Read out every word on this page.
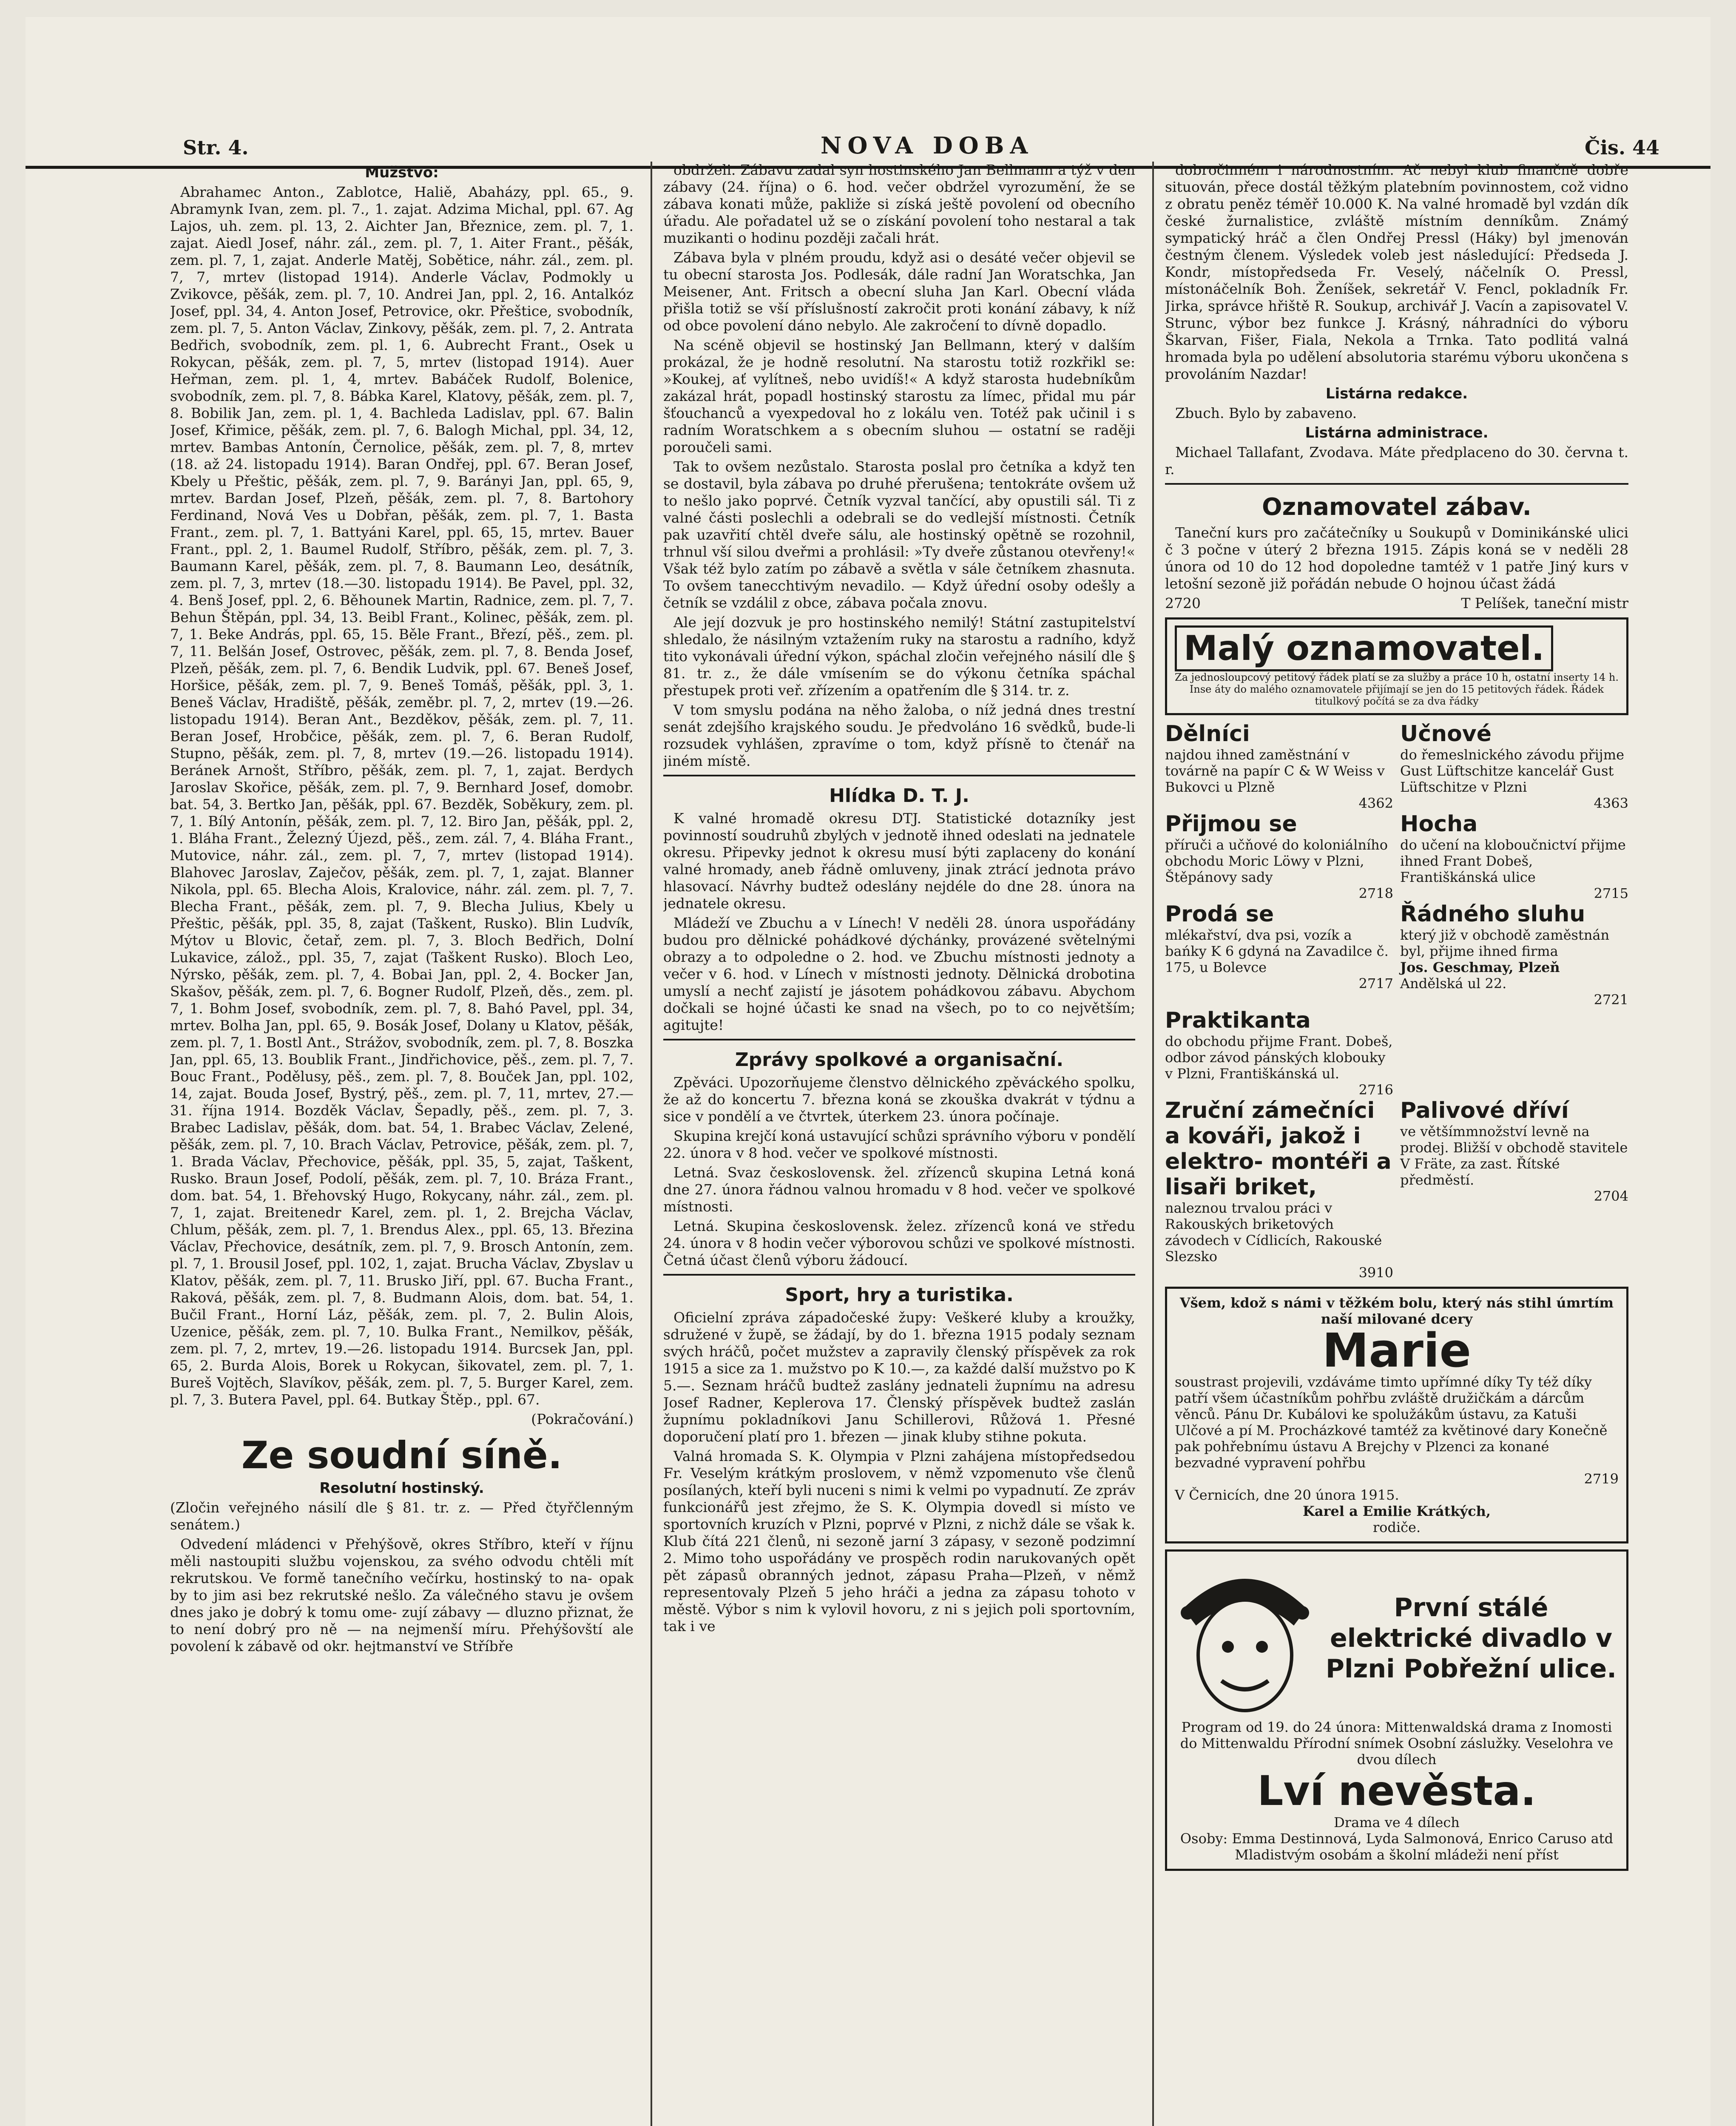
Str. 4.	NOVA DOBA	Čis. 44
Mužstvo:

Abrahamec Anton., Zablotce, Haliě, Abaházy, ppl. 65., 9. Abramynk Ivan, zem. pl. 7., 1. zajat. Adzima Michal, ppl. 67. Ag Lajos, uh. zem. pl. 13, 2. Aichter Jan, Březnice, zem. pl. 7, 1. zajat. Aiedl Josef, náhr. zál., zem. pl. 7, 1. Aiter Frant., pěšák, zem. pl. 7, 1, zajat. Anderle Matěj, Sobětice, náhr. zál., zem. pl. 7, 7, mrtev (listopad 1914). Anderle Václav, Podmokly u Zvikovce, pěšák, zem. pl. 7, 10. Andrei Jan, ppl. 2, 16. Antalkóz Josef, ppl. 34, 4. Anton Josef, Petrovice, okr. Přeštice, svobodník, zem. pl. 7, 5. Anton Václav, Zinkovy, pěšák, zem. pl. 7, 2. Antrata Bedřich, svobodník, zem. pl. 1, 6. Aubrecht Frant., Osek u Rokycan, pěšák, zem. pl. 7, 5, mrtev (listopad 1914). Auer Heřman, zem. pl. 1, 4, mrtev. Babáček Rudolf, Bolenice, svobodník, zem. pl. 7, 8. Bábka Karel, Klatovy, pěšák, zem. pl. 7, 8. Bobilik Jan, zem. pl. 1, 4. Bachleda Ladislav, ppl. 67. Balin Josef, Křimice, pěšák, zem. pl. 7, 6. Balogh Michal, ppl. 34, 12, mrtev. Bambas Antonín, Černolice, pěšák, zem. pl. 7, 8, mrtev (18. až 24. listopadu 1914). Baran Ondřej, ppl. 67. Beran Josef, Kbely u Přeštic, pěšák, zem. pl. 7, 9. Barányi Jan, ppl. 65, 9, mrtev. Bardan Josef, Plzeň, pěšák, zem. pl. 7, 8. Bartohory Ferdinand, Nová Ves u Dobřan, pěšák, zem. pl. 7, 1. Basta Frant., zem. pl. 7, 1. Battyáni Karel, ppl. 65, 15, mrtev. Bauer Frant., ppl. 2, 1. Baumel Rudolf, Stříbro, pěšák, zem. pl. 7, 3. Baumann Karel, pěšák, zem. pl. 7, 8. Baumann Leo, desátník, zem. pl. 7, 3, mrtev (18.—30. listopadu 1914). Be Pavel, ppl. 32, 4. Benš Josef, ppl. 2, 6. Běhounek Martin, Radnice, zem. pl. 7, 7. Behun Štěpán, ppl. 34, 13. Beibl Frant., Kolinec, pěšák, zem. pl. 7, 1. Beke András, ppl. 65, 15. Běle Frant., Březí, pěš., zem. pl. 7, 11. Belšán Josef, Ostrovec, pěšák, zem. pl. 7, 8. Benda Josef, Plzeň, pěšák, zem. pl. 7, 6. Bendik Ludvik, ppl. 67. Beneš Josef, Horšice, pěšák, zem. pl. 7, 9. Beneš Tomáš, pěšák, ppl. 3, 1. Beneš Václav, Hradiště, pěšák, zeměbr. pl. 7, 2, mrtev (19.—26. listopadu 1914). Beran Ant., Bezděkov, pěšák, zem. pl. 7, 11. Beran Josef, Hrobčice, pěšák, zem. pl. 7, 6. Beran Rudolf, Stupno, pěšák, zem. pl. 7, 8, mrtev (19.—26. listopadu 1914). Beránek Arnošt, Stříbro, pěšák, zem. pl. 7, 1, zajat. Berdych Jaroslav Skořice, pěšák, zem. pl. 7, 9. Bernhard Josef, domobr. bat. 54, 3. Bertko Jan, pěšák, ppl. 67. Bezděk, Soběkury, zem. pl. 7, 1. Bílý Antonín, pěšák, zem. pl. 7, 12. Biro Jan, pěšák, ppl. 2, 1. Bláha Frant., Železný Újezd, pěš., zem. zál. 7, 4. Bláha Frant., Mutovice, náhr. zál., zem. pl. 7, 7, mrtev (listopad 1914). Blahovec Jaroslav, Zaječov, pěšák, zem. pl. 7, 1, zajat. Blanner Nikola, ppl. 65. Blecha Alois, Kralovice, náhr. zál. zem. pl. 7, 7. Blecha Frant., pěšák, zem. pl. 7, 9. Blecha Julius, Kbely u Přeštic, pěšák, ppl. 35, 8, zajat (Taškent, Rusko). Blin Ludvík, Mýtov u Blovic, četař, zem. pl. 7, 3. Bloch Bedřich, Dolní Lukavice, zálož., ppl. 35, 7, zajat (Taškent Rusko). Bloch Leo, Nýrsko, pěšák, zem. pl. 7, 4. Bobai Jan, ppl. 2, 4. Bocker Jan, Skašov, pěšák, zem. pl. 7, 6. Bogner Rudolf, Plzeň, děs., zem. pl. 7, 1. Bohm Josef, svobodník, zem. pl. 7, 8. Bahó Pavel, ppl. 34, mrtev. Bolha Jan, ppl. 65, 9. Bosák Josef, Dolany u Klatov, pěšák, zem. pl. 7, 1. Bostl Ant., Strážov, svobodník, zem. pl. 7, 8. Boszka Jan, ppl. 65, 13. Boublik Frant., Jindřichovice, pěš., zem. pl. 7, 7. Bouc Frant., Podělusy, pěš., zem. pl. 7, 8. Bouček Jan, ppl. 102, 14, zajat. Bouda Josef, Bystrý, pěš., zem. pl. 7, 11, mrtev, 27.—31. října 1914. Bozděk Václav, Šepadly, pěš., zem. pl. 7, 3. Brabec Ladislav, pěšák, dom. bat. 54, 1. Brabec Václav, Zelené, pěšák, zem. pl. 7, 10. Brach Václav, Petrovice, pěšák, zem. pl. 7, 1. Brada Václav, Přechovice, pěšák, ppl. 35, 5, zajat, Taškent, Rusko. Braun Josef, Podolí, pěšák, zem. pl. 7, 10. Bráza Frant., dom. bat. 54, 1. Břehovský Hugo, Rokycany, náhr. zál., zem. pl. 7, 1, zajat. Breitenedr Karel, zem. pl. 1, 2. Brejcha Václav, Chlum, pěšák, zem. pl. 7, 1. Brendus Alex., ppl. 65, 13. Březina Václav, Přechovice, desátník, zem. pl. 7, 9. Brosch Antonín, zem. pl. 7, 1. Brousil Josef, ppl. 102, 1, zajat. Brucha Václav, Zbyslav u Klatov, pěšák, zem. pl. 7, 11. Brusko Jiří, ppl. 67. Bucha Frant., Raková, pěšák, zem. pl. 7, 8. Budmann Alois, dom. bat. 54, 1. Bučil Frant., Horní Láz, pěšák, zem. pl. 7, 2. Bulin Alois, Uzenice, pěšák, zem. pl. 7, 10. Bulka Frant., Nemilkov, pěšák, zem. pl. 7, 2, mrtev, 19.—26. listopadu 1914. Burcsek Jan, ppl. 65, 2. Burda Alois, Borek u Rokycan, šikovatel, zem. pl. 7, 1. Bureš Vojtěch, Slavíkov, pěšák, zem. pl. 7, 5. Burger Karel, zem. pl. 7, 3. Butera Pavel, ppl. 64. Butkay Štěp., ppl. 67.

(Pokračování.)
Ze soudní síně.
Resolutní hostinský.

(Zločin veřejného násilí dle § 81. tr. z. — Před čtyřčlenným senátem.)

Odvedení mládenci v Přehýšově, okres Stříbro, kteří v říjnu měli nastoupiti službu vojenskou, za svého odvodu chtěli mít rekrutskou. Ve formě tanečního večírku, hostinský to na- opak by to jim asi bez rekrutské nešlo. Za válečného stavu je ovšem dnes jako je dobrý k tomu ome- zují zábavy — dluzno přiznat, že to není dobrý pro ně — na nejmenší míru. Přehýšovští ale povolení k zábavě od okr. hejtmanství ve Stříbře

obdrželi. Zábavu zadal syn hostinského Jan Bellmann a týž v den zábavy (24. října) o 6. hod. večer obdržel vyrozumění, že se zábava konati může, pakliže si získá ještě povolení od obecního úřadu. Ale pořadatel už se o získání povolení toho nestaral a tak muzikanti o hodinu později začali hrát.

Zábava byla v plném proudu, když asi o desáté večer objevil se tu obecní starosta Jos. Podlesák, dále radní Jan Woratschka, Jan Meisener, Ant. Fritsch a obecní sluha Jan Karl. Obecní vláda přišla totiž se vší příslušností zakročit proti konání zábavy, k níž od obce povolení dáno nebylo. Ale zakročení to dívně dopadlo.

Na scéně objevil se hostinský Jan Bellmann, který v dalším prokázal, že je hodně resolutní. Na starostu totiž rozkřikl se: »Koukej, ať vylítneš, nebo uvidíš!« A když starosta hudebníkům zakázal hrát, popadl hostinský starostu za límec, přidal mu pár šťouchanců a vyexpedoval ho z lokálu ven. Totéž pak učinil i s radním Woratschkem a s obecním sluhou — ostatní se raději poroučeli sami.

Tak to ovšem nezůstalo. Starosta poslal pro četníka a když ten se dostavil, byla zábava po druhé přerušena; tentokráte ovšem už to nešlo jako poprvé. Četník vyzval tančící, aby opustili sál. Ti z valné části poslechli a odebrali se do vedlejší místnosti. Četník pak uzavřití chtěl dveře sálu, ale hostinský opětně se rozohnil, trhnul vší silou dveřmi a prohlásil: »Ty dveře zůstanou otevřeny!« Však též bylo zatím po zábavě a světla v sále četníkem zhasnuta. To ovšem tanecchtivým nevadilo. — Když úřední osoby odešly a četník se vzdálil z obce, zábava počala znovu.

Ale její dozvuk je pro hostinského nemilý! Státní zastupitelství shledalo, že násilným vztažením ruky na starostu a radního, když tito vykonávali úřední výkon, spáchal zločin veřejného násilí dle § 81. tr. z., že dále vmísením se do výkonu četníka spáchal přestupek proti veř. zřízením a opatřením dle § 314. tr. z.

V tom smyslu podána na něho žaloba, o níž jedná dnes trestní senát zdejšího krajského soudu. Je předvoláno 16 svědků, bude-li rozsudek vyhlášen, zpravíme o tom, když přísně to čtenář na jiném místě.

Hlídka D. T. J.

K valné hromadě okresu DTJ. Statistické dotazníky jest povinností soudruhů zbylých v jednotě ihned odeslati na jednatele okresu. Připevky jednot k okresu musí býti zaplaceny do konání valné hromady, aneb řádně omluveny, jinak ztrácí jednota právo hlasovací. Návrhy budtež odeslány nejdéle do dne 28. února na jednatele okresu.

Mládeží ve Zbuchu a v Línech! V neděli 28. února uspořádány budou pro dělnické pohádkové dýchánky, provázené světelnými obrazy a to odpoledne o 2. hod. ve Zbuchu místnosti jednoty a večer v 6. hod. v Línech v místnosti jednoty. Dělnická drobotina umyslí a nechť zajistí je jásotem pohádkovou zábavu. Abychom dočkali se hojné účasti ke snad na všech, po to co největším; agitujte!

Zprávy spolkové a organisační.

Zpěváci. Upozorňujeme členstvo dělnického zpěváckého spolku, že až do koncertu 7. března koná se zkouška dvakrát v týdnu a sice v pondělí a ve čtvrtek, úterkem 23. února počínaje.

Skupina krejčí koná ustavující schůzi správního výboru v pondělí 22. února v 8 hod. večer ve spolkové místnosti.

Letná. Svaz československ. žel. zřízenců skupina Letná koná dne 27. února řádnou valnou hromadu v 8 hod. večer ve spolkové místnosti.

Letná. Skupina československ. želez. zřízenců koná ve středu 24. února v 8 hodin večer výborovou schůzi ve spolkové místnosti. Četná účast členů výboru žádoucí.

Sport, hry a turistika.

Oficielní zpráva západočeské župy: Veškeré kluby a kroužky, sdružené v župě, se žádají, by do 1. března 1915 podaly seznam svých hráčů, počet mužstev a zapravily členský příspěvek za rok 1915 a sice za 1. mužstvo po K 10.—, za každé další mužstvo po K 5.—. Seznam hráčů budtež zaslány jednateli župnímu na adresu Josef Radner, Keplerova 17. Členský příspěvek budtež zaslán župnímu pokladníkovi Janu Schillerovi, Růžová 1. Přesné doporučení platí pro 1. březen — jinak kluby stihne pokuta.

Valná hromada S. K. Olympia v Plzni zahájena místopředsedou Fr. Veselým krátkým proslovem, v němž vzpomenuto vše členů posílaných, kteří byli nuceni s nimi k velmi po vypadnutí. Ze zpráv funkcionářů jest zřejmo, že S. K. Olympia dovedl si místo ve sportovních kruzích v Plzni, poprvé v Plzni, z nichž dále se však k. Klub čítá 221 členů, ni sezoně jarní 3 zápasy, v sezoně podzimní 2. Mimo toho uspořádány ve prospěch rodin narukovaných opět pět zápasů obranných jednot, zápasu Praha—Plzeň, v němž representovaly Plzeň 5 jeho hráči a jedna za zápasu tohoto v městě. Výbor s nim k vylovil hovoru, z ni s jejich poli sportovním, tak i ve

dobročinném i národnostním. Ač nebyl klub finančně dobře situován, přece dostál těžkým platebním povinnostem, což vidno z obratu peněz téměř 10.000 K. Na valné hromadě byl vzdán dík české žurnalistice, zvláště místním denníkům. Známý sympatický hráč a člen Ondřej Pressl (Háky) byl jmenován čestným členem. Výsledek voleb jest následující: Předseda J. Kondr, místopředseda Fr. Veselý, náčelník O. Pressl, místonáčelník Boh. Ženíšek, sekretář V. Fencl, pokladník Fr. Jirka, správce hřiště R. Soukup, archivář J. Vacín a zapisovatel V. Strunc, výbor bez funkce J. Krásný, náhradníci do výboru Škarvan, Fišer, Fiala, Nekola a Trnka. Tato podlitá valná hromada byla po udělení absolutoria starému výboru ukončena s provoláním Nazdar!

Listárna redakce.

Zbuch. Bylo by zabaveno.

Listárna administrace.

Michael Tallafant, Zvodava. Máte předplaceno do 30. června t. r.

Oznamovatel zábav.

Taneční kurs pro začátečníky u Soukupů v Dominikánské ulici č 3 počne v úterý 2 března 1915. Zápis koná se v neděli 28 února od 10 do 12 hod dopoledne tamtéž v 1 patře Jiný kurs v letošní sezoně již pořádán nebude O hojnou účast žádá

2720	T Pelíšek, taneční mistr
Malý oznamovatel.
Za jednosloupcový petitový řádek platí se za služby a práce 10 h, ostatní inserty 14 h. Inse áty do malého oznamovatele přijímají se jen do 15 petitových řádek. Řádek titulkový počítá se za dva řádky
Dělníci
najdou ihned zaměstnání v továrně na papír C & W Weiss v Bukovci u Plzně
4362
Učnové
do řemeslnického závodu přijme Gust Lüftschitze kancelář Gust Lüftschitze v Plzni
4363
Přijmou se
příruči a učňové do koloniálního obchodu Moric Löwy v Plzni, Štěpánovy sady
2718
Hocha
do učení na kloboučnictví přijme ihned Frant Dobeš, Františkánská ulice
2715
Prodá se
mlékařství, dva psi, vozík a bańky K 6 gdyná na Zavadilce č. 175, u Bolevce
2717
Řádného sluhu
který již v obchodě zaměstnán byl, přijme ihned firma
Jos. Geschmay, Plzeň
Andělská ul 22.
2721
Praktikanta
do obchodu přijme Frant. Dobeš, odbor závod pánských klobouky v Plzni, Františkánská ul.
2716
Zruční zámečníci a kováři, jakož i elektro- montéři a lisaři briket,
naleznou trvalou práci v Rakouských briketových závodech v Cídlicích, Rakouské Slezsko
3910
Palivové dříví
ve většímmnožství levně na prodej. Bližší v obchodě stavitele V Fräte, za zast. Řítské předměstí.
2704
Všem, kdož s námi v těžkém bolu, který nás stihl úmrtím naší milované dcery
Marie
soustrast projevili, vzdáváme timto upřímné díky Ty též díky patří všem účastníkům pohřbu zvláště družičkám a dárcům věnců. Pánu Dr. Kubálovi ke spolužákům ústavu, za Katuši Ulčové a pí M. Procházkové tamtéž za květinové dary Konečně pak pohřebnímu ústavu A Brejchy v Plzenci za konané bezvadné vypravení pohřbu
2719
V Černicích, dne 20 února 1915.
Karel a Emilie Krátkých,
rodiče.
První stálé elektrické divadlo v Plzni Pobřežní ulice.
Program od 19. do 24 února: Mittenwaldská drama z Inomosti do Mittenwaldu Přírodní snímek Osobní záslužky. Veselohra ve dvou dílech
Lví nevěsta.
Drama ve 4 dílech
Osoby: Emma Destinnová, Lyda Salmonová, Enrico Caruso atd
Mladistvým osobám a školní mládeži není příst
